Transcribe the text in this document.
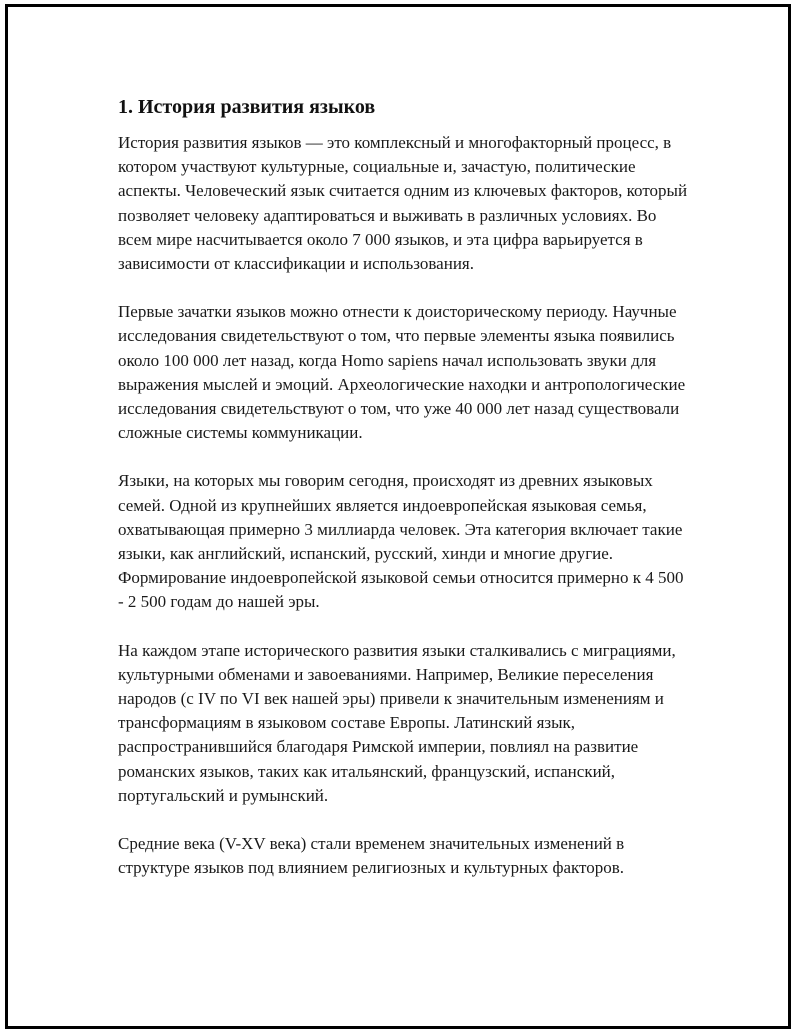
1. История развития языков

История развития языков — это комплексный и многофакторный процесс, в котором участвуют культурные, социальные и, зачастую, политические аспекты. Человеческий язык считается одним из ключевых факторов, который позволяет человеку адаптироваться и выживать в различных условиях. Во всем мире насчитывается около 7 000 языков, и эта цифра варьируется в зависимости от классификации и использования.

Первые зачатки языков можно отнести к доисторическому периоду. Научные исследования свидетельствуют о том, что первые элементы языка появились около 100 000 лет назад, когда Homo sapiens начал использовать звуки для выражения мыслей и эмоций. Археологические находки и антропологические исследования свидетельствуют о том, что уже 40 000 лет назад существовали сложные системы коммуникации.

Языки, на которых мы говорим сегодня, происходят из древних языковых семей. Одной из крупнейших является индоевропейская языковая семья, охватывающая примерно 3 миллиарда человек. Эта категория включает такие языки, как английский, испанский, русский, хинди и многие другие. Формирование индоевропейской языковой семьи относится примерно к 4 500 - 2 500 годам до нашей эры.

На каждом этапе исторического развития языки сталкивались с миграциями, культурными обменами и завоеваниями. Например, Великие переселения народов (с IV по VI век нашей эры) привели к значительным изменениям и трансформациям в языковом составе Европы. Латинский язык, распространившийся благодаря Римской империи, повлиял на развитие романских языков, таких как итальянский, французский, испанский, португальский и румынский.

Средние века (V-XV века) стали временем значительных изменений в структуре языков под влиянием религиозных и культурных факторов.
